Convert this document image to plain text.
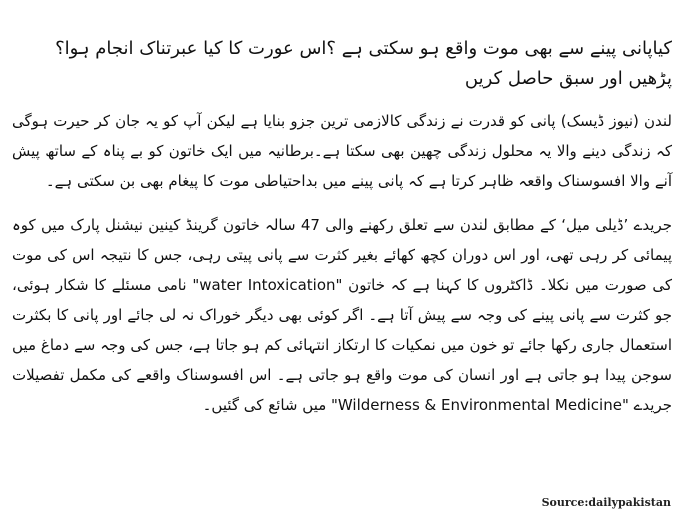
کیاپانی پینے سے بھی موت واقع ہو سکتی ہے ؟اس عورت کا کیا عبرتناک انجام ہوا؟ پڑھیں اور سبق حاصل کریں

لندن (نیوز ڈیسک) پانی کو قدرت نے زندگی کالازمی ترین جزو بنایا ہے لیکن آپ کو یہ جان کر حیرت ہوگی کہ زندگی دینے والا یہ محلول زندگی چھین بھی سکتا ہے۔برطانیہ میں ایک خاتون کو بے پناہ کے ساتھ پیش آنے والا افسوسناک واقعہ ظاہر کرتا ہے کہ پانی پینے میں بداحتیاطی موت کا پیغام بھی بن سکتی ہے۔

جریدے ’ڈیلی میل‘ کے مطابق لندن سے تعلق رکھنے والی 47 سالہ خاتون گرینڈ کینین نیشنل پارک میں کوہ پیمائی کر رہی تھی، اور اس دوران کچھ کھائے بغیر کثرت سے پانی پیتی رہی، جس کا نتیجہ اس کی موت کی صورت میں نکلا۔ ڈاکٹروں کا کہنا ہے کہ خاتون "water Intoxication" نامی مسئلے کا شکار ہوئی، جو کثرت سے پانی پینے کی وجہ سے پیش آتا ہے۔ اگر کوئی بھی دیگر خوراک نہ لی جائے اور پانی کا بکثرت استعمال جاری رکھا جائے تو خون میں نمکیات کا ارتکاز انتہائی کم ہو جاتا ہے، جس کی وجہ سے دماغ میں سوجن پیدا ہو جاتی ہے اور انسان کی موت واقع ہو جاتی ہے۔ اس افسوسناک واقعے کی مکمل تفصیلات جریدے "Wilderness & Environmental Medicine" میں شائع کی گئیں۔

Source:dailypakistan
